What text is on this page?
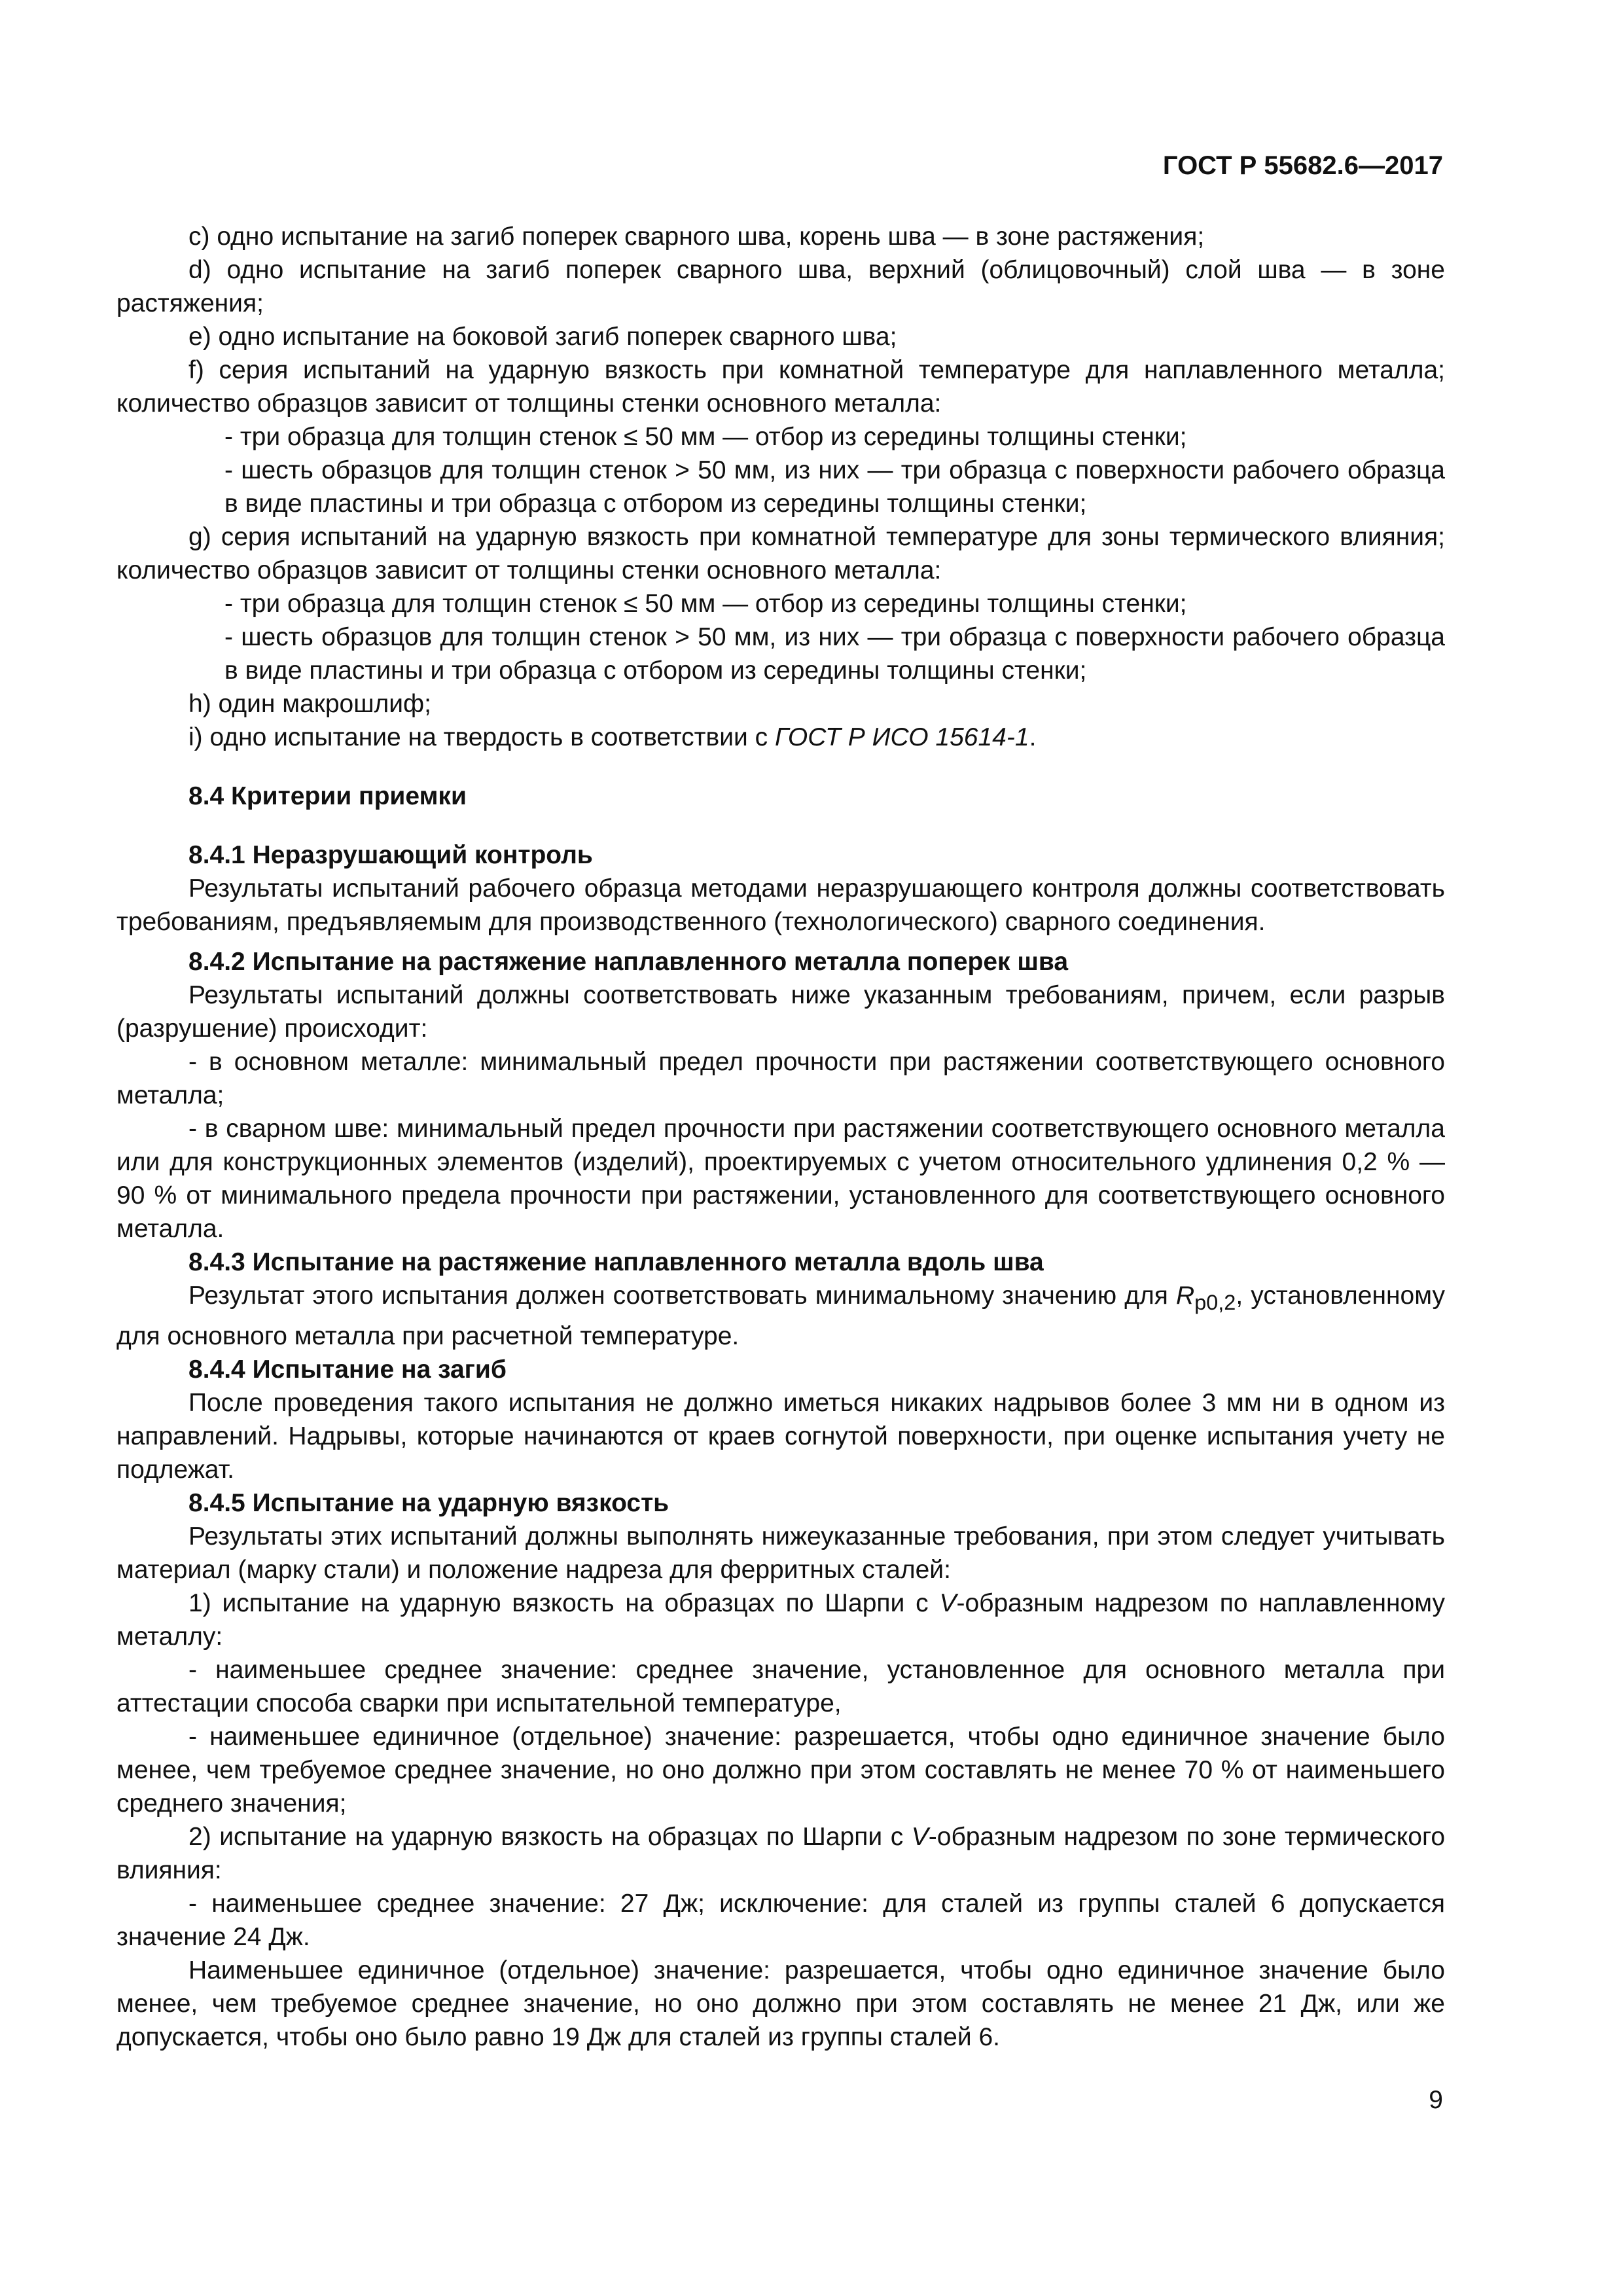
ГОСТ Р 55682.6—2017

c) одно испытание на загиб поперек сварного шва, корень шва — в зоне растяжения;

d) одно испытание на загиб поперек сварного шва, верхний (облицовочный) слой шва — в зоне растяжения;

e) одно испытание на боковой загиб поперек сварного шва;

f) серия испытаний на ударную вязкость при комнатной температуре для наплавленного металла; количество образцов зависит от толщины стенки основного металла:

- три образца для толщин стенок ≤ 50 мм — отбор из середины толщины стенки;

- шесть образцов для толщин стенок > 50 мм, из них — три образца с поверхности рабочего образца в виде пластины и три образца с отбором из середины толщины стенки;

g) серия испытаний на ударную вязкость при комнатной температуре для зоны термического влияния; количество образцов зависит от толщины стенки основного металла:

- три образца для толщин стенок ≤ 50 мм — отбор из середины толщины стенки;

- шесть образцов для толщин стенок > 50 мм, из них — три образца с поверхности рабочего образца в виде пластины и три образца с отбором из середины толщины стенки;

h) один макрошлиф;

i) одно испытание на твердость в соответствии с ГОСТ Р ИСО 15614-1.

8.4 Критерии приемки

8.4.1 Неразрушающий контроль

Результаты испытаний рабочего образца методами неразрушающего контроля должны соответствовать требованиям, предъявляемым для производственного (технологического) сварного соединения.

8.4.2 Испытание на растяжение наплавленного металла поперек шва

Результаты испытаний должны соответствовать ниже указанным требованиям, причем, если разрыв (разрушение) происходит:

- в основном металле: минимальный предел прочности при растяжении соответствующего основного металла;

- в сварном шве: минимальный предел прочности при растяжении соответствующего основного металла или для конструкционных элементов (изделий), проектируемых с учетом относительного удлинения 0,2 % — 90 % от минимального предела прочности при растяжении, установленного для соответствующего основного металла.

8.4.3 Испытание на растяжение наплавленного металла вдоль шва

Результат этого испытания должен соответствовать минимальному значению для $R_{p0,2}$, установленному для основного металла при расчетной температуре.

8.4.4 Испытание на загиб

После проведения такого испытания не должно иметься никаких надрывов более 3 мм ни в одном из направлений. Надрывы, которые начинаются от краев согнутой поверхности, при оценке испытания учету не подлежат.

8.4.5 Испытание на ударную вязкость

Результаты этих испытаний должны выполнять нижеуказанные требования, при этом следует учитывать материал (марку стали) и положение надреза для ферритных сталей:

1) испытание на ударную вязкость на образцах по Шарпи с V-образным надрезом по наплавленному металлу:

- наименьшее среднее значение: среднее значение, установленное для основного металла при аттестации способа сварки при испытательной температуре,

- наименьшее единичное (отдельное) значение: разрешается, чтобы одно единичное значение было менее, чем требуемое среднее значение, но оно должно при этом составлять не менее 70 % от наименьшего среднего значения;

2) испытание на ударную вязкость на образцах по Шарпи с V-образным надрезом по зоне термического влияния:

- наименьшее среднее значение: 27 Дж; исключение: для сталей из группы сталей 6 допускается значение 24 Дж.

Наименьшее единичное (отдельное) значение: разрешается, чтобы одно единичное значение было менее, чем требуемое среднее значение, но оно должно при этом составлять не менее 21 Дж, или же допускается, чтобы оно было равно 19 Дж для сталей из группы сталей 6.

9
